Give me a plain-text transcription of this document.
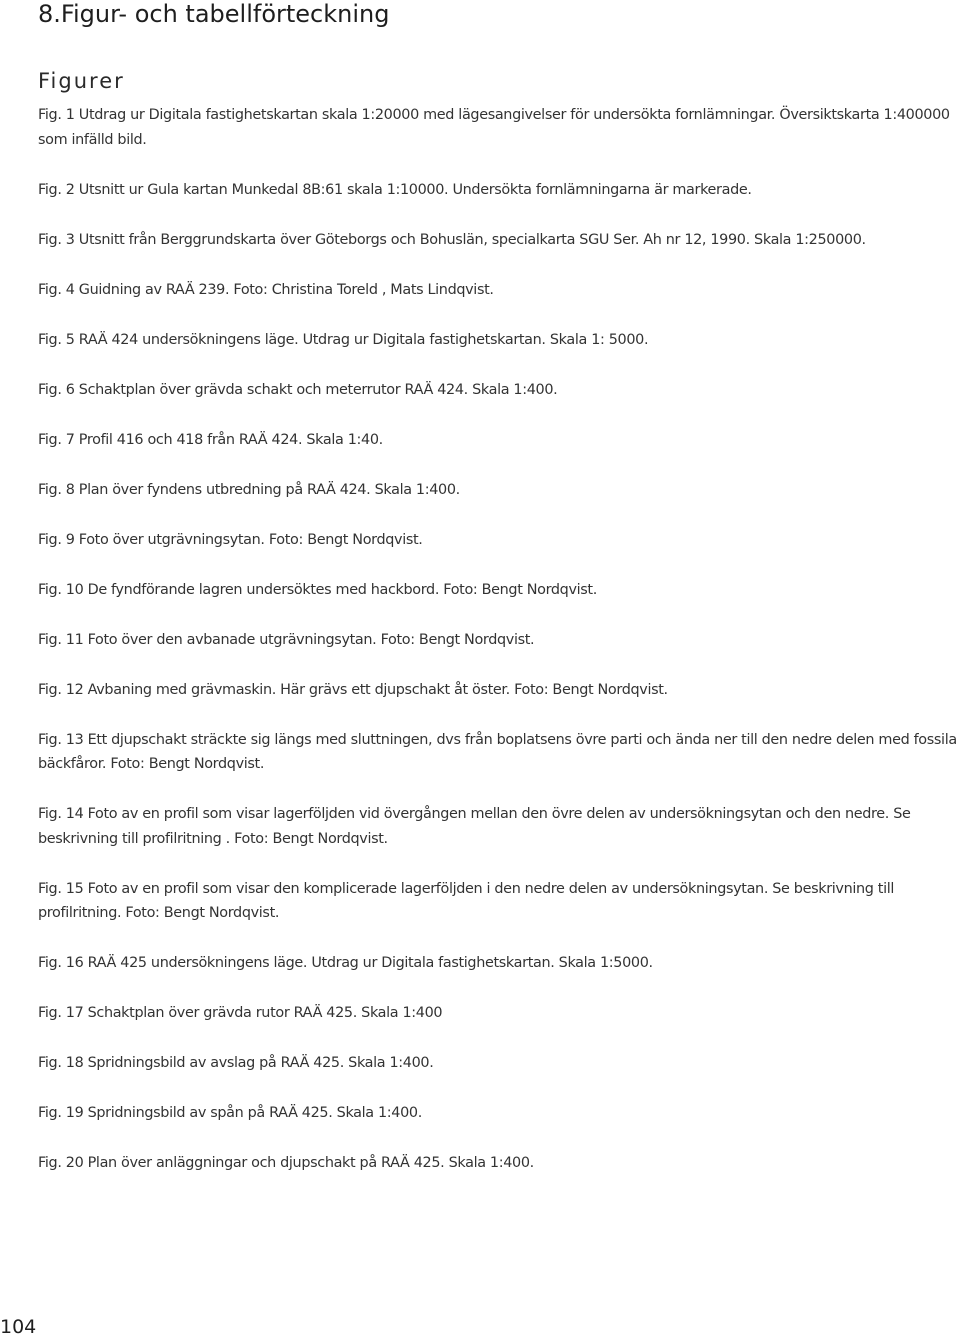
8.Figur- och tabellförteckning
Figurer
Fig. 1 Utdrag ur Digitala fastighetskartan skala 1:20000 med lägesangivelser för undersökta fornlämningar. Översiktskarta 1:400000 som infälld bild.
Fig. 2 Utsnitt ur Gula kartan Munkedal 8B:61 skala 1:10000. Undersökta fornlämningarna är markerade.
Fig. 3 Utsnitt från Berggrundskarta över Göteborgs och Bohuslän, specialkarta SGU Ser. Ah nr 12, 1990. Skala 1:250000.
Fig. 4 Guidning av RAÄ 239. Foto: Christina Toreld , Mats Lindqvist.
Fig. 5 RAÄ 424 undersökningens läge. Utdrag ur Digitala fastighetskartan. Skala 1: 5000.
Fig. 6 Schaktplan över grävda schakt och meterrutor RAÄ 424. Skala 1:400.
Fig. 7 Profil 416 och 418 från RAÄ 424. Skala 1:40.
Fig. 8 Plan över fyndens utbredning på RAÄ 424. Skala 1:400.
Fig. 9 Foto över utgrävningsytan. Foto: Bengt Nordqvist.
Fig. 10 De fyndförande lagren undersöktes med hackbord. Foto: Bengt Nordqvist.
Fig. 11 Foto över den avbanade utgrävningsytan. Foto: Bengt Nordqvist.
Fig. 12 Avbaning med grävmaskin. Här grävs ett djupschakt åt öster. Foto: Bengt Nordqvist.
Fig. 13 Ett djupschakt sträckte sig längs med sluttningen, dvs från boplatsens övre parti och ända ner till den nedre delen med fossila bäckfåror. Foto: Bengt Nordqvist.
Fig. 14 Foto av en profil som visar lagerföljden vid övergången mellan den övre delen av undersökningsytan och den nedre. Se beskrivning till profilritning . Foto: Bengt Nordqvist.
Fig. 15 Foto av en profil som visar den komplicerade lagerföljden i den nedre delen av undersökningsytan. Se beskrivning till profilritning. Foto: Bengt Nordqvist.
Fig. 16 RAÄ 425 undersökningens läge. Utdrag ur Digitala fastighetskartan. Skala 1:5000.
Fig. 17 Schaktplan över grävda rutor RAÄ 425. Skala 1:400
Fig. 18 Spridningsbild av avslag på RAÄ 425. Skala 1:400.
Fig. 19 Spridningsbild av spån på RAÄ 425. Skala 1:400.
Fig. 20 Plan över anläggningar och djupschakt på RAÄ 425. Skala 1:400.
104
